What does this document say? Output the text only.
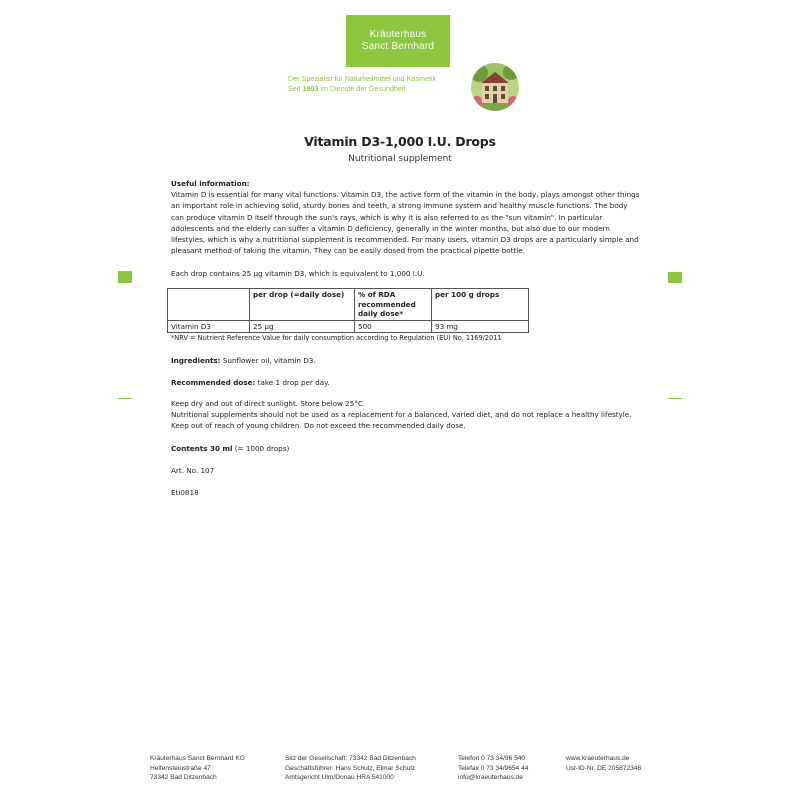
Kräuterhaus
Sanct Bernhard
Der Spezialist für Naturheilmittel und Kosmetik
Seit 1903 im Dienste der Gesundheit
Vitamin D3-1,000 I.U. Drops
Nutritional supplement
Useful information:
Vitamin D is essential for many vital functions. Vitamin D3, the active form of the vitamin in the body, plays amongst other things an important role in achieving solid, sturdy bones and teeth, a strong immune system and healthy muscle functions. The body can produce vitamin D itself through the sun's rays, which is why it is also referred to as the "sun vitamin". In particular adolescents and the elderly can suffer a vitamin D deficiency, generally in the winter months, but also due to our modern lifestyles, which is why a nutritional supplement is recommended. For many users, vitamin D3 drops are a particularly simple and pleasant method of taking the vitamin. They can be easily dosed from the practical pipette bottle.
Each drop contains 25 µg vitamin D3, which is equivalent to 1,000 I.U.
	per drop (=daily dose)	% of RDA recommended daily dose*	per 100 g drops
Vitamin D3	25 µg	500	93 mg
*NRV = Nutrient Reference Value for daily consumption according to Regulation (EU) No. 1169/2011
Ingredients: Sunflower oil, vitamin D3.
Recommended dose: take 1 drop per day.
Keep dry and out of direct sunlight. Store below 25°C.
Nutritional supplements should not be used as a replacement for a balanced, varied diet, and do not replace a healthy lifestyle.
Keep out of reach of young children. Do not exceed the recommended daily dose.
Contents 30 ml (= 1000 drops)
Art. No. 107
Eti0818
Kräuterhaus Sanct Bernhard KG
Helfensteinstraße 47
73342 Bad Ditzenbach
Sitz der Gesellschaft: 73342 Bad Ditzenbach
Geschäftsführer: Hans Schulz, Elmar Schulz
Amtsgericht Ulm/Donau HRA 541000
Telefon 0 73 34/96 540
Telefax 0 73 34/9654 44
info@kraeuterhaus.de
www.kraeuterhaus.de
Ust-ID-Nr. DE 205872348
